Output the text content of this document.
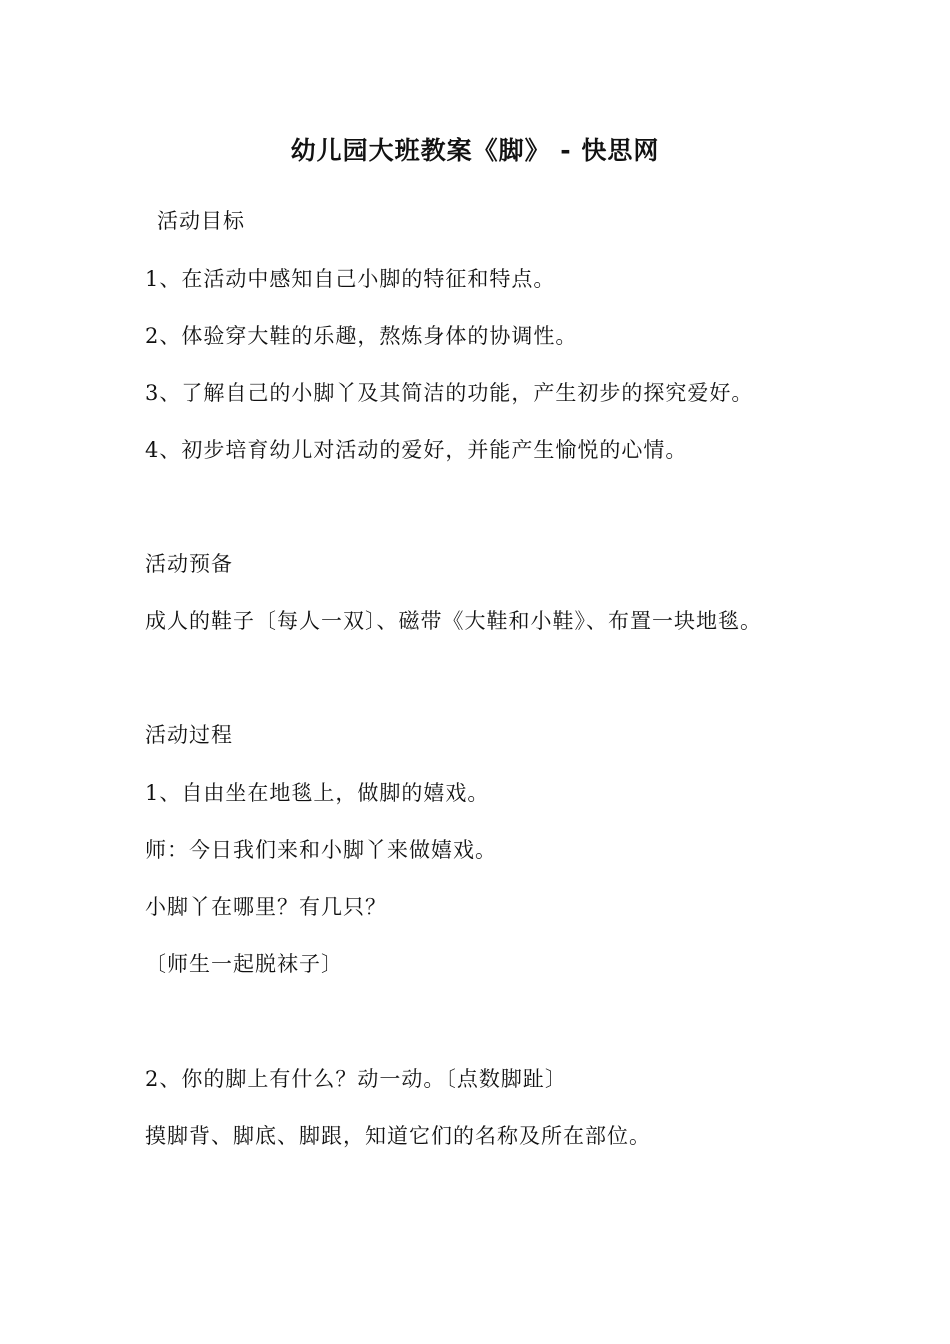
幼儿园大班教案《脚》 - 快思网
活动目标
1、在活动中感知自己小脚的特征和特点。
2、体验穿大鞋的乐趣，熬炼身体的协调性。
3、了解自己的小脚丫及其简洁的功能，产生初步的探究爱好。
4、初步培育幼儿对活动的爱好，并能产生愉悦的心情。
活动预备
成人的鞋子〔每人一双〕、磁带《大鞋和小鞋》、布置一块地毯。
活动过程
1、自由坐在地毯上，做脚的嬉戏。
师：今日我们来和小脚丫来做嬉戏。
小脚丫在哪里？有几只？
〔师生一起脱袜子〕
2、你的脚上有什么？动一动。〔点数脚趾〕
摸脚背、脚底、脚跟，知道它们的名称及所在部位。
